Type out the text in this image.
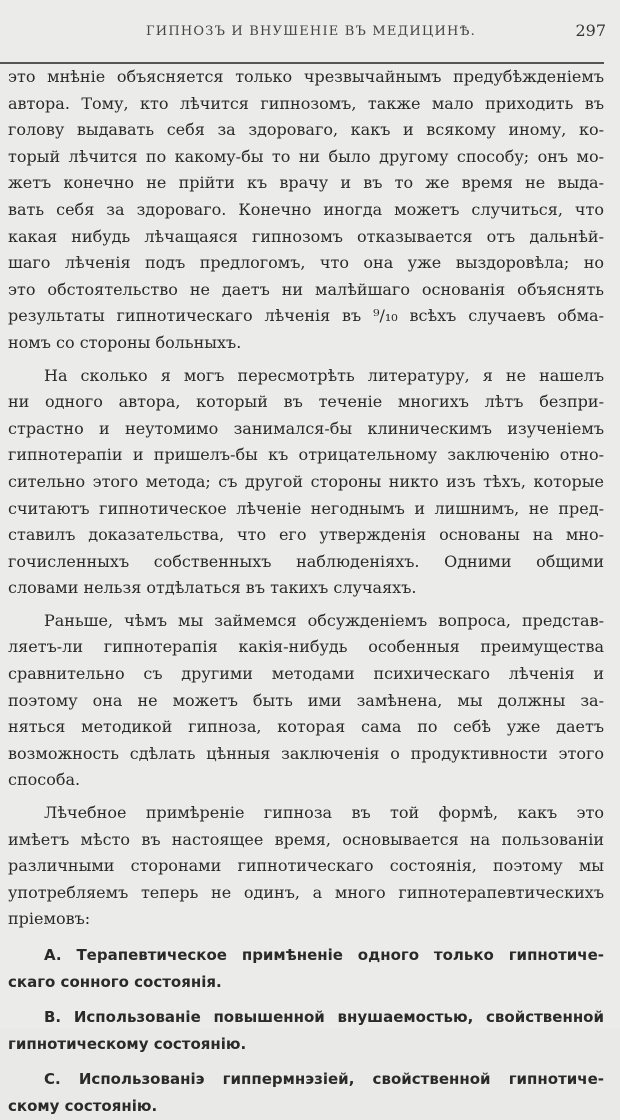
ГИПНОЗЪ И ВНУШЕНІЕ ВЪ МЕДИЦИНѢ.	297
это мнѣніе объясняется только чрезвычайнымъ предубѣжденіемъ
автора. Тому, кто лѣчится гипнозомъ, также мало приходить въ
голову выдавать себя за здороваго, какъ и всякому иному, ко-
торый лѣчится по какому-бы то ни было другому способу; онъ мо-
жетъ конечно не прійти къ врачу и въ то же время не выда-
вать себя за здороваго. Конечно иногда можетъ случиться, что
какая нибудь лѣчащаяся гипнозомъ отказывается отъ дальнѣй-
шаго лѣченія подъ предлогомъ, что она уже выздоровѣла; но
это обстоятельство не даетъ ни малѣйшаго основанія объяснять
результаты гипнотическаго лѣченія въ ⁹/₁₀ всѣхъ случаевъ обма-
номъ со стороны больныхъ.
На сколько я могъ пересмотрѣть литературу, я не нашелъ
ни одного автора, который въ теченіе многихъ лѣтъ безпри-
страстно и неутомимо занимался-бы клиническимъ изученіемъ
гипнотерапіи и пришелъ-бы къ отрицательному заключенію отно-
сительно этого метода; съ другой стороны никто изъ тѣхъ, которые
считаютъ гипнотическое лѣченіе негоднымъ и лишнимъ, не пред-
ставилъ доказательства, что его утвержденія основаны на мно-
гочисленныхъ собственныхъ наблюденіяхъ. Одними общими
словами нельзя отдѣлаться въ такихъ случаяхъ.
Раньше, чѣмъ мы займемся обсужденіемъ вопроса, представ-
ляетъ-ли гипнотерапія какія-нибудь особенныя преимущества
сравнительно съ другими методами психическаго лѣченія и
поэтому она не можетъ быть ими замѣнена, мы должны за-
няться методикой гипноза, которая сама по себѣ уже даетъ
возможность сдѣлать цѣнныя заключенія о продуктивности этого
способа.
Лѣчебное примѣреніе гипноза въ той формѣ, какъ это
имѣетъ мѣсто въ настоящее время, основывается на пользованіи
различными сторонами гипнотическаго состоянія, поэтому мы
употребляемъ теперь не одинъ, а много гипнотерапевтическихъ
пріемовъ:
A. Терапевтическое примѣненіе одного только гипнотиче-
скаго сонного состоянія.
B. Использованіе повышенной внушаемостью, свойственной
гипнотическому состоянію.
C. Использованіэ гиппермнэзіей, свойственной гипнотиче-
скому состоянію.
